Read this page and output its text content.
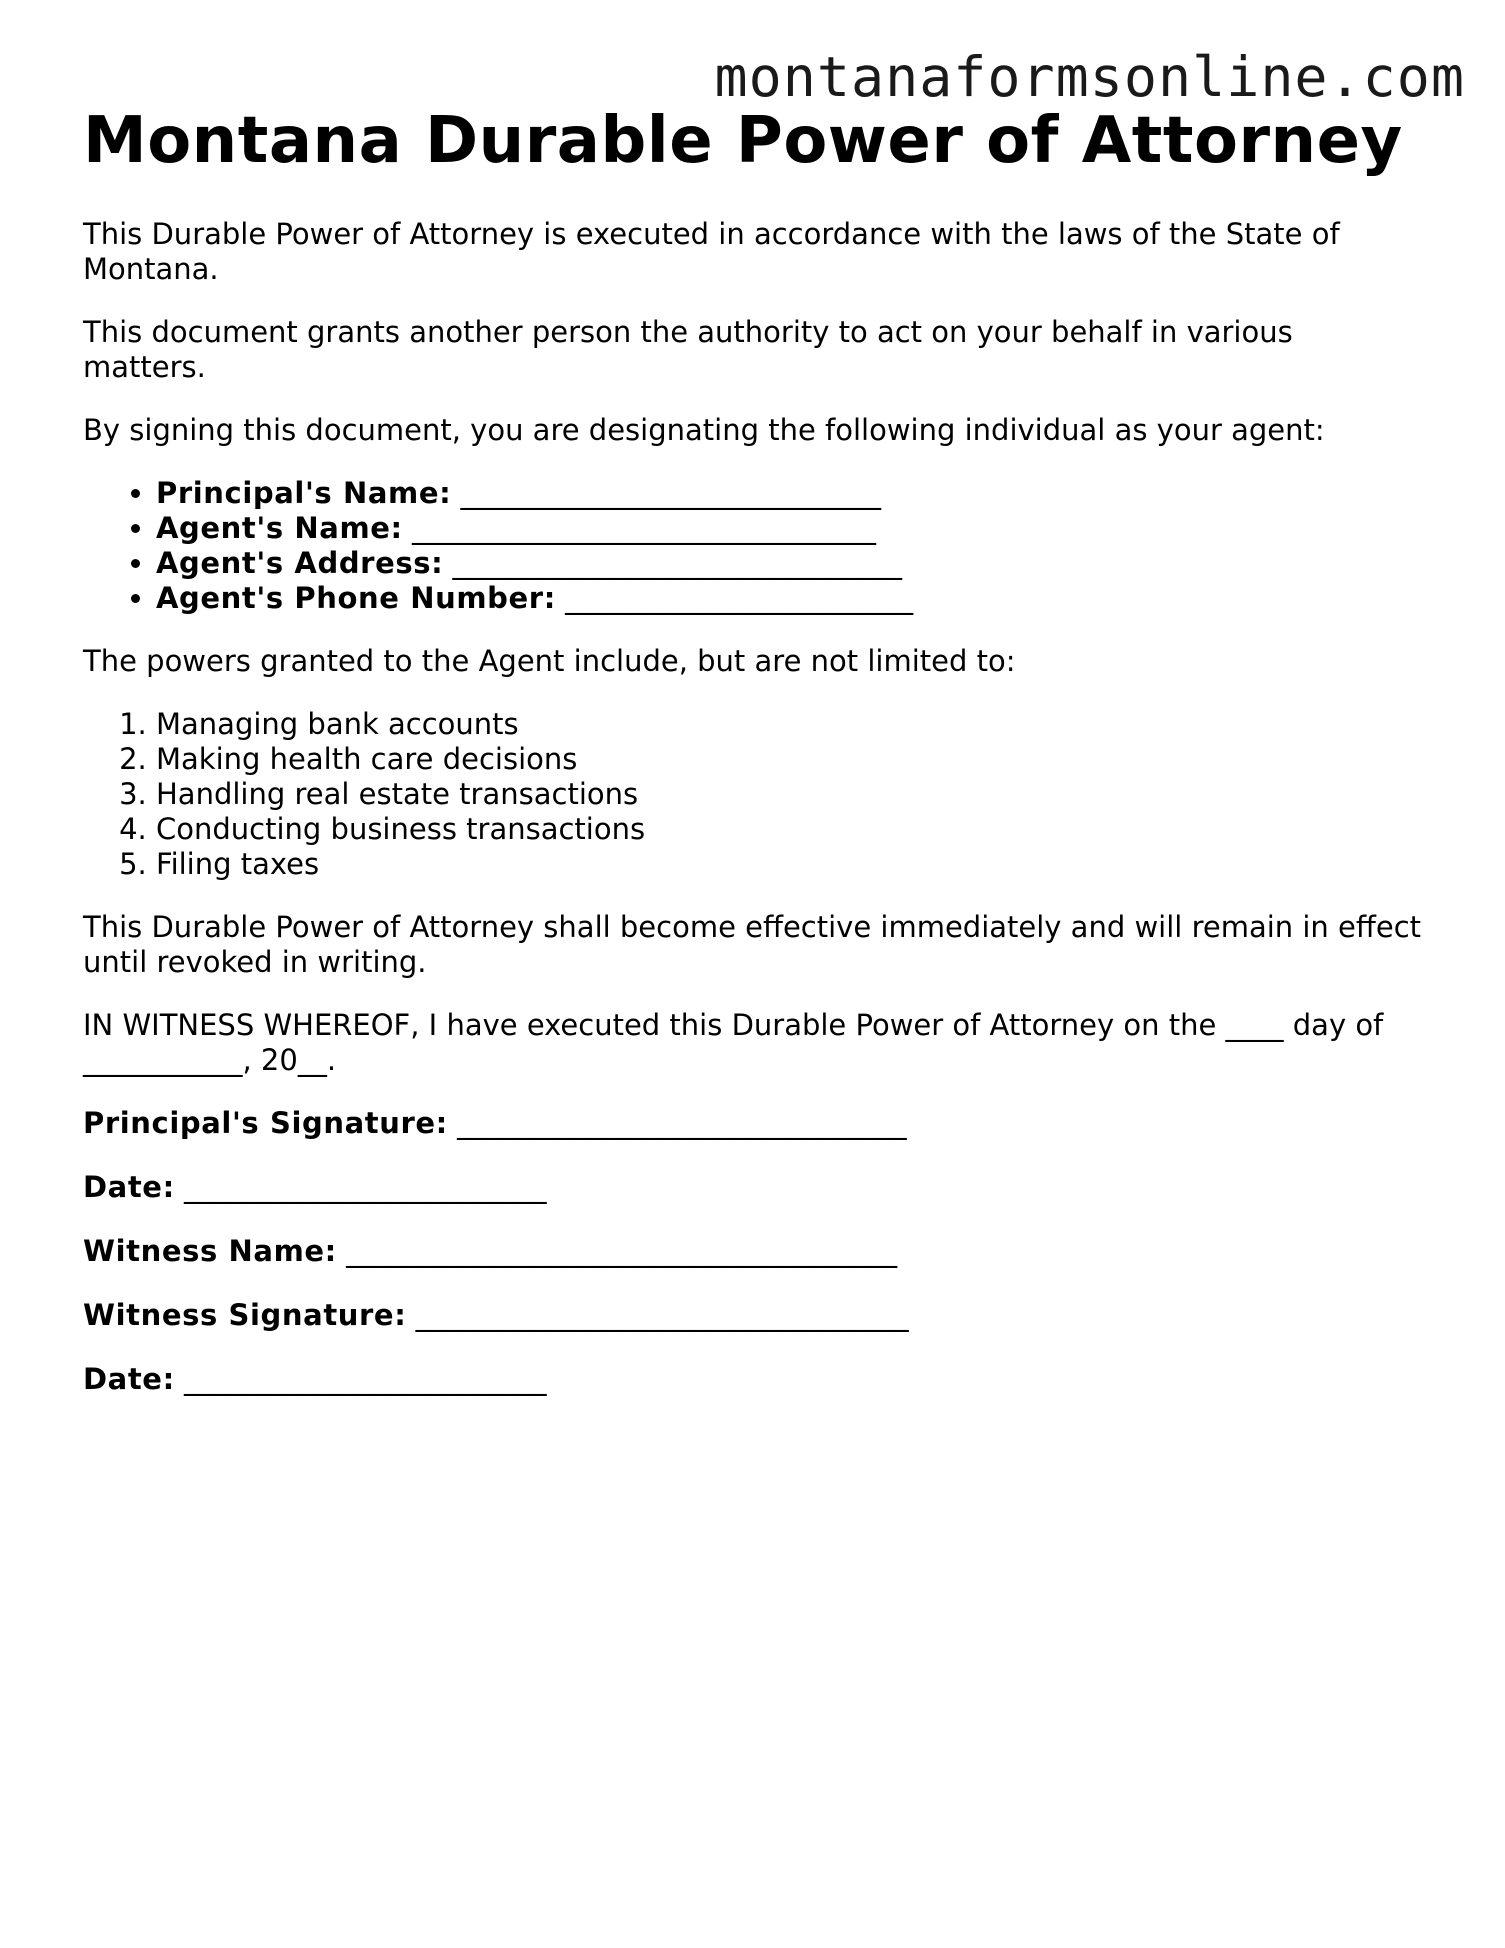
montanaformsonline.com
Montana Durable Power of Attorney

This Durable Power of Attorney is executed in accordance with the laws of the State of Montana.

This document grants another person the authority to act on your behalf in various matters.

By signing this document, you are designating the following individual as your agent:

• Principal's Name: _____________________________
• Agent's Name: ________________________________
• Agent's Address: _______________________________
• Agent's Phone Number: ________________________

The powers granted to the Agent include, but are not limited to:

1. Managing bank accounts
2. Making health care decisions
3. Handling real estate transactions
4. Conducting business transactions
5. Filing taxes

This Durable Power of Attorney shall become effective immediately and will remain in effect until revoked in writing.

IN WITNESS WHEREOF, I have executed this Durable Power of Attorney on the ____ day of ___________, 20__.

Principal's Signature: _______________________________
Date: _________________________
Witness Name: ______________________________________
Witness Signature: __________________________________
Date: _________________________
